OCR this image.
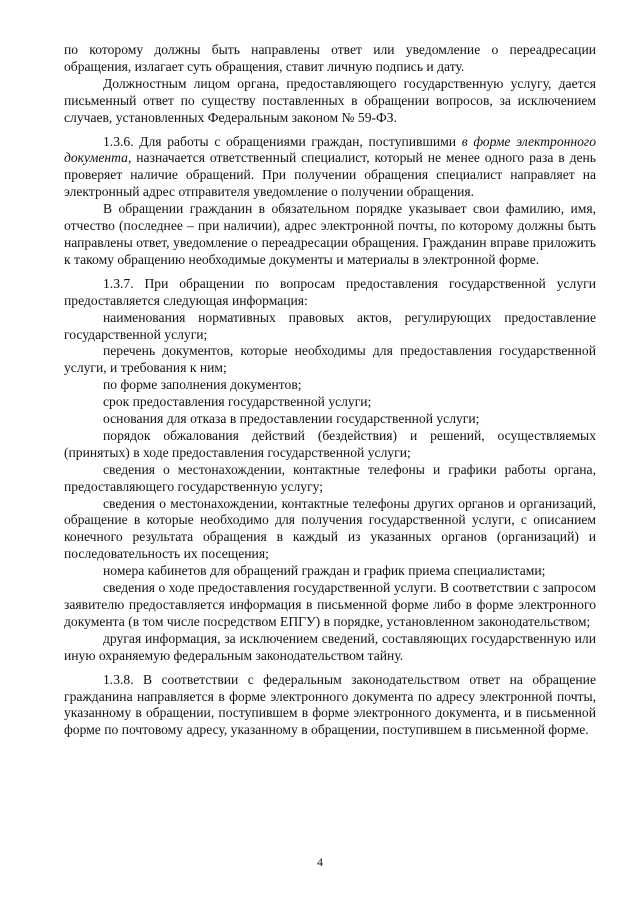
по которому должны быть направлены ответ или уведомление о переадресации обращения, излагает суть обращения, ставит личную подпись и дату.

Должностным лицом органа, предоставляющего государственную услугу, дается письменный ответ по существу поставленных в обращении вопросов, за исключением случаев, установленных Федеральным законом № 59-ФЗ.

1.3.6. Для работы с обращениями граждан, поступившими в форме электронного документа, назначается ответственный специалист, который не менее одного раза в день проверяет наличие обращений. При получении обращения специалист направляет на электронный адрес отправителя уведомление о получении обращения.

В обращении гражданин в обязательном порядке указывает свои фамилию, имя, отчество (последнее – при наличии), адрес электронной почты, по которому должны быть направлены ответ, уведомление о переадресации обращения. Гражданин вправе приложить к такому обращению необходимые документы и материалы в электронной форме.

1.3.7. При обращении по вопросам предоставления государственной услуги предоставляется следующая информация:

наименования нормативных правовых актов, регулирующих предоставление государственной услуги;

перечень документов, которые необходимы для предоставления государственной услуги, и требования к ним;

по форме заполнения документов;

срок предоставления государственной услуги;

основания для отказа в предоставлении государственной услуги;

порядок обжалования действий (бездействия) и решений, осуществляемых (принятых) в ходе предоставления государственной услуги;

сведения о местонахождении, контактные телефоны и графики работы органа, предоставляющего государственную услугу;

сведения о местонахождении, контактные телефоны других органов и организаций, обращение в которые необходимо для получения государственной услуги, с описанием конечного результата обращения в каждый из указанных органов (организаций) и последовательность их посещения;

номера кабинетов для обращений граждан и график приема специалистами;

сведения о ходе предоставления государственной услуги. В соответствии с запросом заявителю предоставляется информация в письменной форме либо в форме электронного документа (в том числе посредством ЕПГУ) в порядке, установленном законодательством;

другая информация, за исключением сведений, составляющих государственную или иную охраняемую федеральным законодательством тайну.

1.3.8. В соответствии с федеральным законодательством ответ на обращение гражданина направляется в форме электронного документа по адресу электронной почты, указанному в обращении, поступившем в форме электронного документа, и в письменной форме по почтовому адресу, указанному в обращении, поступившем в письменной форме.

4
